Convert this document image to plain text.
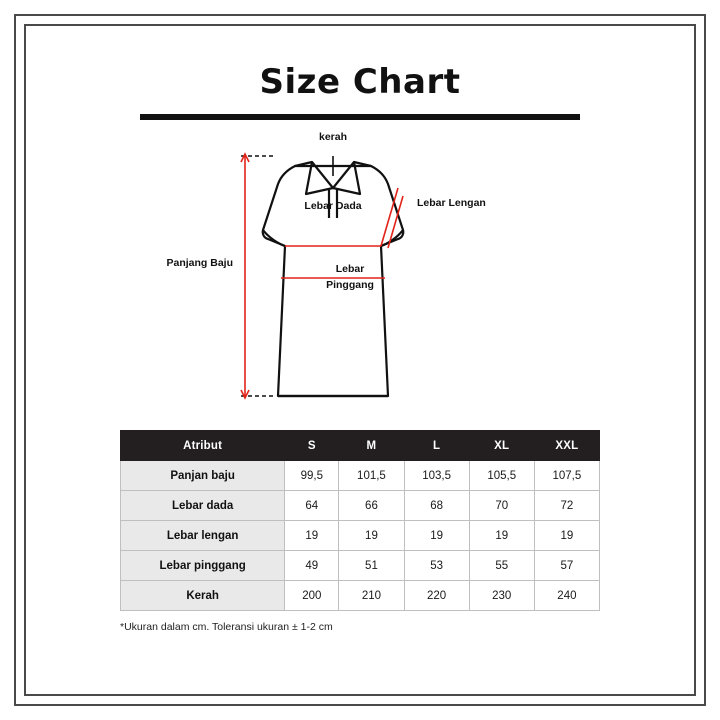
Size Chart
kerah
Lebar Dada	Lebar Lengan
Lebar
Pinggang
Panjang Baju
Atribut	S	M	L	XL	XXL
Panjan baju	99,5	101,5	103,5	105,5	107,5
Lebar dada	64	66	68	70	72
Lebar lengan	19	19	19	19	19
Lebar pinggang	49	51	53	55	57
Kerah	200	210	220	230	240
*Ukuran dalam cm. Toleransi ukuran ± 1-2 cm
